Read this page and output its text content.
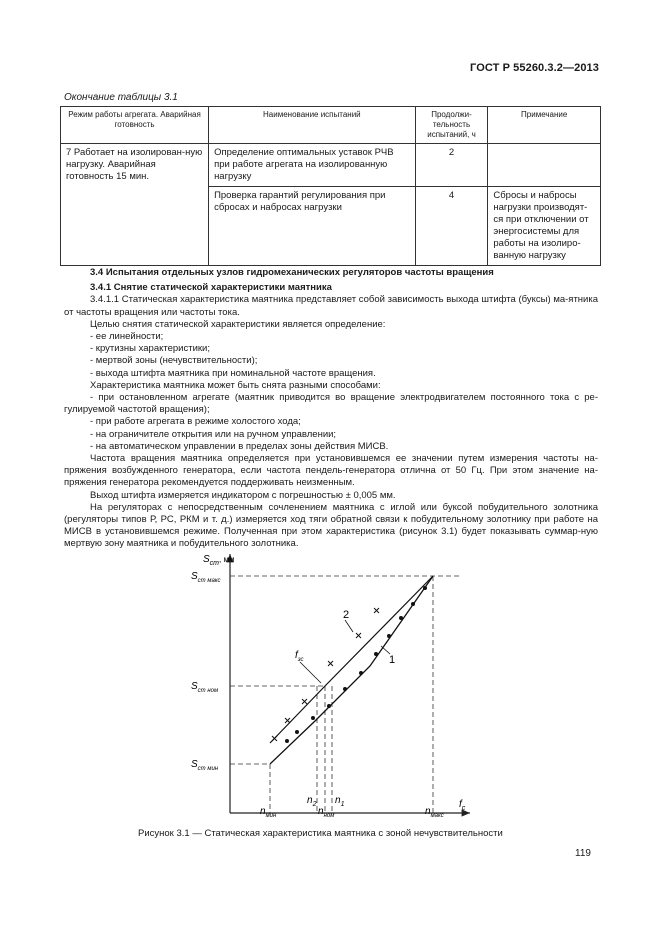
ГОСТ Р 55260.3.2—2013
Окончание таблицы 3.1
Режим работы агрегата. Аварийная готовность	Наименование испытаний	Продолжи-тельность испытаний, ч	Примечание
7 Работает на изолирован-ную нагрузку. Аварийная готовность 15 мин.	Определение оптимальных уставок РЧВ при работе агрегата на изолированную нагрузку	2	
	Проверка гарантий регулирования при сбросах и набросах нагрузки	4	Сбросы и набросы нагрузки производят-ся при отключении от энергосистемы для работы на изолиро-ванную нагрузку

3.4 Испытания отдельных узлов гидромеханических регуляторов частоты вращения

3.4.1 Снятие статической характеристики маятника

3.4.1.1 Статическая характеристика маятника представляет собой зависимость выхода штифта (буксы) ма-ятника от частоты вращения или частоты тока.

Целью снятия статической характеристики является определение:

- ее линейности;

- крутизны характеристики;

- мертвой зоны (нечувствительности);

- выхода штифта маятника при номинальной частоте вращения.

Характеристика маятника может быть снята разными способами:

- при остановленном агрегате (маятник приводится во вращение электродвигателем постоянного тока с ре-гулируемой частотой вращения);

- при работе агрегата в режиме холостого хода;

- на ограничителе открытия или на ручном управлении;

- на автоматическом управлении в пределах зоны действия МИСВ.

Частота вращения маятника определяется при установившемся ее значении путем измерения частоты на-пряжения возбужденного генератора, если частота пендель-генератора отлична от 50 Гц. При этом значение на-пряжения генератора рекомендуется поддерживать неизменным.

Выход штифта измеряется индикатором с погрешностью ± 0,005 мм.

На регуляторах с непосредственным сочленением маятника с иглой или буксой побудительного золотника (регуляторы типов Р, РС, РКМ и т. д.) измеряется ход тяги обратной связи к побудительному золотнику при работе на МИСВ в установившемся режиме. Полученная при этом характеристика (рисунок 3.1) будет показывать суммар-ную мертвую зону маятника и побудительного золотника.

$S_{ст}^{, мм}$
$S_{ст макс}$
$S_{ст ном}$
$S_{ст мин}$
$n_{мин}$
$n_2$
$n_{ном}$
$n_1$
$n_{макс}$
$f_c$
2
1
$f_{зс}$
Рисунок 3.1 — Статическая характеристика маятника с зоной нечувствительности
119
